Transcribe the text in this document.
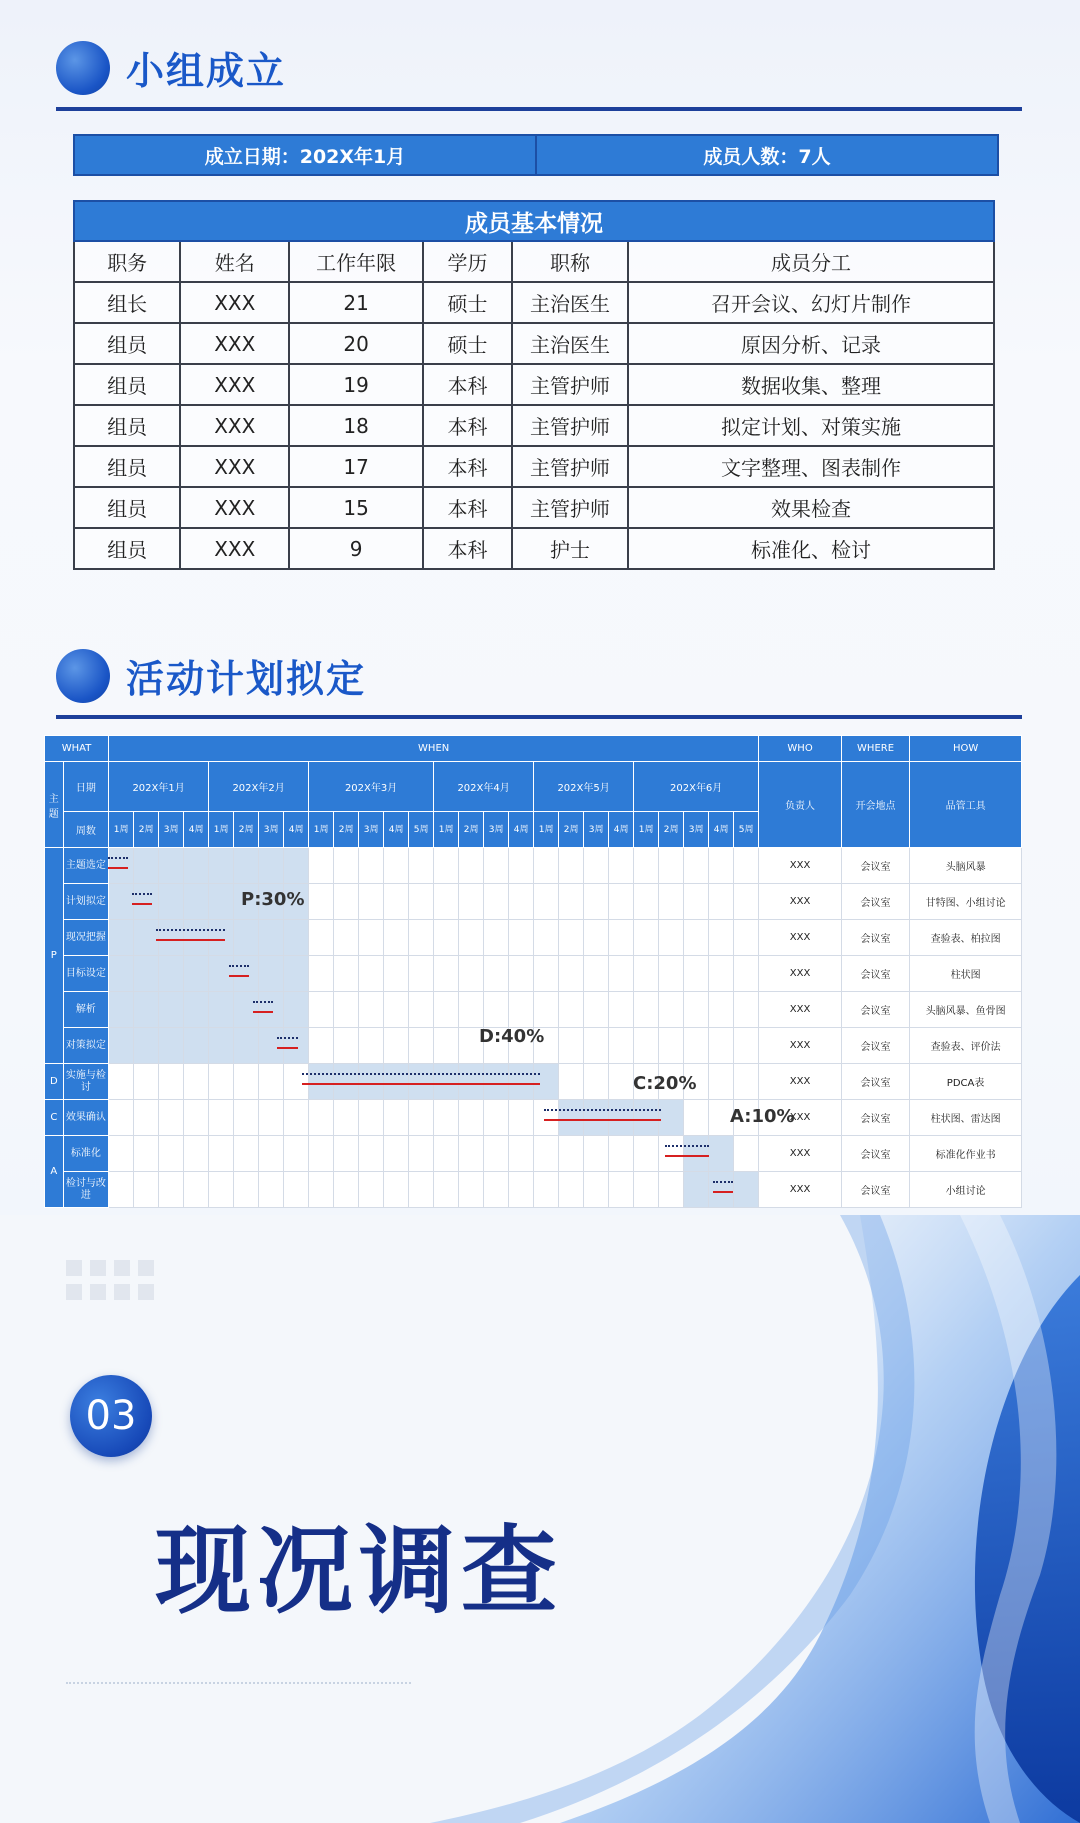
小组成立
成立日期：202X年1月	成员人数：7人
成员基本情况					
职务	姓名	工作年限	学历	职称	成员分工
组长	XXX	21	硕士	主治医生	召开会议、幻灯片制作
组员	XXX	20	硕士	主治医生	原因分析、记录
组员	XXX	19	本科	主管护师	数据收集、整理
组员	XXX	18	本科	主管护师	拟定计划、对策实施
组员	XXX	17	本科	主管护师	文字整理、图表制作
组员	XXX	15	本科	主管护师	效果检查
组员	XXX	9	本科	护士	标准化、检讨
活动计划拟定
WHAT		WHEN																										WHO	WHERE	HOW
主题	日期	202X年1月				202X年2月				202X年3月					202X年4月				202X年5月				202X年6月					负责人	开会地点	品管工具
	周数	1周	2周	3周	4周	1周	2周	3周	4周	1周	2周	3周	4周	5周	1周	2周	3周	4周	1周	2周	3周	4周	1周	2周	3周	4周	5周			
P	主题选定																											XXX	会议室	头脑风暴
	计划拟定																											XXX	会议室	甘特图、小组讨论
	现况把握																											XXX	会议室	查验表、柏拉图
	目标设定																											XXX	会议室	柱状图
	解析																											XXX	会议室	头脑风暴、鱼骨图
	对策拟定																											XXX	会议室	查验表、评价法
D	实施与检讨																											XXX	会议室	PDCA表
C	效果确认																											XXX	会议室	柱状图、雷达图
A	标准化																											XXX	会议室	标准化作业书
	检讨与改进																											XXX	会议室	小组讨论
P:30%
D:40%
C:20%
A:10%
03
现况调查
